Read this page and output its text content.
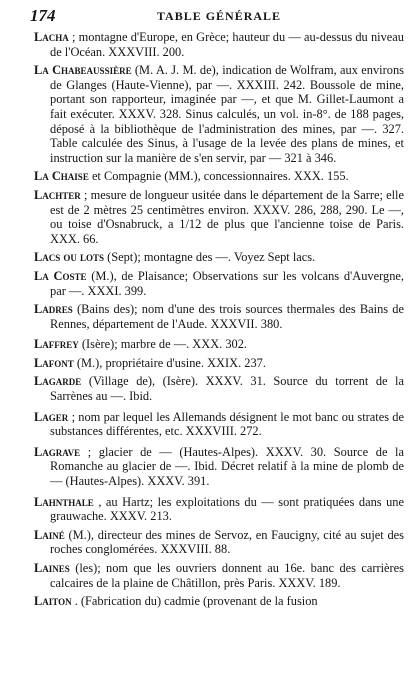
174	TABLE GÉNÉRALE

Lacha ; montagne d'Europe, en Grèce; hauteur du — au-dessus du niveau de l'Océan. XXXVIII. 200.

La Chabeaussière (M. A. J. M. de), indication de Wolfram, aux environs de Glanges (Haute-Vienne), par —. XXXIII. 242. Boussole de mine, portant son rapporteur, imaginée par —, et que M. Gillet-Laumont a fait exécuter. XXXV. 328. Sinus calculés, un vol. in-8°. de 188 pages, déposé à la bibliothèque de l'administration des mines, par —. 327. Table calculée des Sinus, à l'usage de la levée des plans de mines, et instruction sur la manière de s'en servir, par — 321 à 346.

La Chaise et Compagnie (MM.), concessionnaires. XXX. 155.

Lachter ; mesure de longueur usitée dans le département de la Sarre; elle est de 2 mètres 25 centimètres environ. XXXV. 286, 288, 290. Le —, ou toise d'Osnabruck, a 1/12 de plus que l'ancienne toise de Paris. XXX. 66.

Lacs ou lots (Sept); montagne des —. Voyez Sept lacs.

La Coste (M.), de Plaisance; Observations sur les volcans d'Auvergne, par —. XXXI. 399.

Ladres (Bains des); nom d'une des trois sources thermales des Bains de Rennes, département de l'Aude. XXXVII. 380.

Laffrey (Isère); marbre de —. XXX. 302.

Lafont (M.), propriétaire d'usine. XXIX. 237.

Lagarde (Village de), (Isère). XXXV. 31. Source du torrent de la Sarrènes au —. Ibid.

Lager ; nom par lequel les Allemands désignent le mot banc ou strates de substances différentes, etc. XXXVIII. 272.

Lagrave ; glacier de — (Hautes-Alpes). XXXV. 30. Source de la Romanche au glacier de —. Ibid. Décret relatif à la mine de plomb de — (Hautes-Alpes). XXXV. 391.

Lahnthale , au Hartz; les exploitations du — sont pratiquées dans une grauwache. XXXV. 213.

Lainé (M.), directeur des mines de Servoz, en Faucigny, cité au sujet des roches conglomérées. XXXVIII. 88.

Laines (les); nom que les ouvriers donnent au 16e. banc des carrières calcaires de la plaine de Châtillon, près Paris. XXXV. 189.

Laiton . (Fabrication du) cadmie (provenant de la fusion
